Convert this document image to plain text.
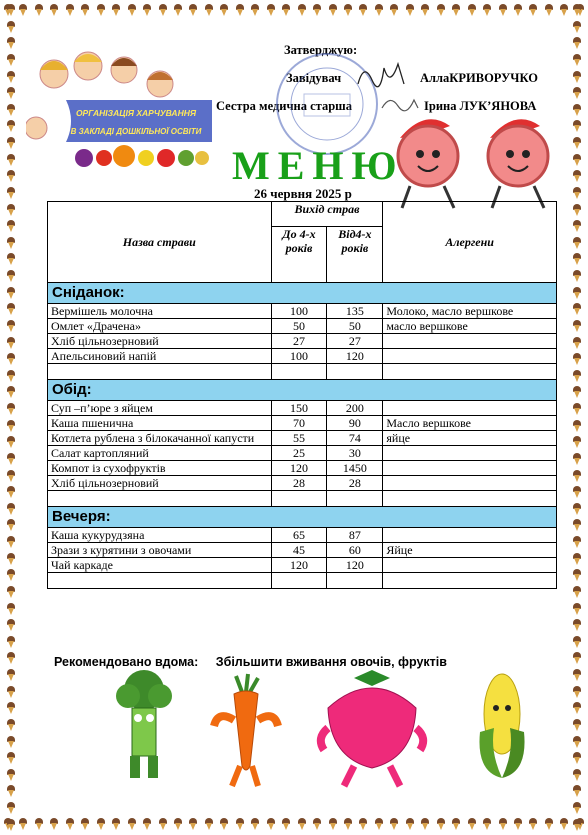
ОРГАНІЗАЦІЯ ХАРЧУВАННЯ
В ЗАКЛАДІ ДОШКІЛЬНОЇ ОСВІТИ
Затверджую:
Завідувач	АллаКРИВОРУЧКО
Сестра медична старша	Ірина ЛУК’ЯНОВА
МЕНЮ
26 червня 2025 р
Назва страви	Вихід страв		Алергени
	До 4-х років	Від4-х років	
Сніданок:			
Вермішель молочна	100	135	Молоко, масло вершкове
Омлет «Драчена»	50	50	масло вершкове
Хліб цільнозерновий	27	27	
Апельсиновий напій	100	120	

Обід:			
Суп –п’юре з яйцем	150	200	
Каша пшенична	70	90	Масло вершкове
Котлета рублена з білокачанної капусти	55	74	яйце
Салат картопляний	25	30	
Компот із сухофруктів	120	1450	
Хліб цільнозерновий	28	28	

Вечеря:			
Каша кукурудзяна	65	87	
Зрази з курятини з овочами	45	60	Яйце
Чай каркаде	120	120	

Рекомендовано вдома: Збільшити вживання овочів, фруктів
